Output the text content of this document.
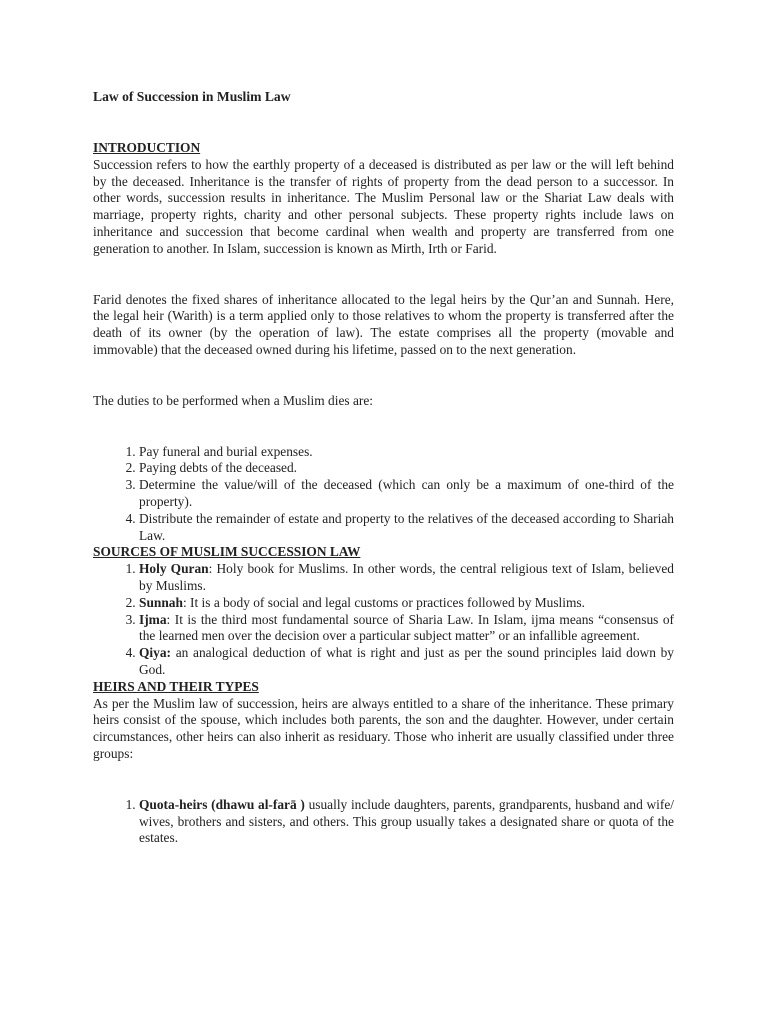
Law of Succession in Muslim Law

INTRODUCTION

Succession refers to how the earthly property of a deceased is distributed as per law or the will left behind by the deceased. Inheritance is the transfer of rights of property from the dead person to a successor. In other words, succession results in inheritance. The Muslim Personal law or the Shariat Law deals with marriage, property rights, charity and other personal subjects. These property rights include laws on inheritance and succession that become cardinal when wealth and property are transferred from one generation to another. In Islam, succession is known as Mirth, Irth or Farid.

Farid denotes the fixed shares of inheritance allocated to the legal heirs by the Qur’an and Sunnah. Here, the legal heir (Warith) is a term applied only to those relatives to whom the property is transferred after the death of its owner (by the operation of law). The estate comprises all the property (movable and immovable) that the deceased owned during his lifetime, passed on to the next generation.

The duties to be performed when a Muslim dies are:

1. Pay funeral and burial expenses.
2. Paying debts of the deceased.
3. Determine the value/will of the deceased (which can only be a maximum of one-third of the property).
4. Distribute the remainder of estate and property to the relatives of the deceased according to Shariah Law.

SOURCES OF MUSLIM SUCCESSION LAW

1. Holy Quran: Holy book for Muslims. In other words, the central religious text of Islam, believed by Muslims.
2. Sunnah: It is a body of social and legal customs or practices followed by Muslims.
3. Ijma: It is the third most fundamental source of Sharia Law. In Islam, ijma means “consensus of the learned men over the decision over a particular subject matter” or an infallible agreement.
4. Qiya: an analogical deduction of what is right and just as per the sound principles laid down by God.

HEIRS AND THEIR TYPES

As per the Muslim law of succession, heirs are always entitled to a share of the inheritance. These primary heirs consist of the spouse, which includes both parents, the son and the daughter. However, under certain circumstances, other heirs can also inherit as residuary. Those who inherit are usually classified under three groups:

1. Quota-heirs (dhawu al-farā ) usually include daughters, parents, grandparents, husband and wife/ wives, brothers and sisters, and others. This group usually takes a designated share or quota of the estates.
